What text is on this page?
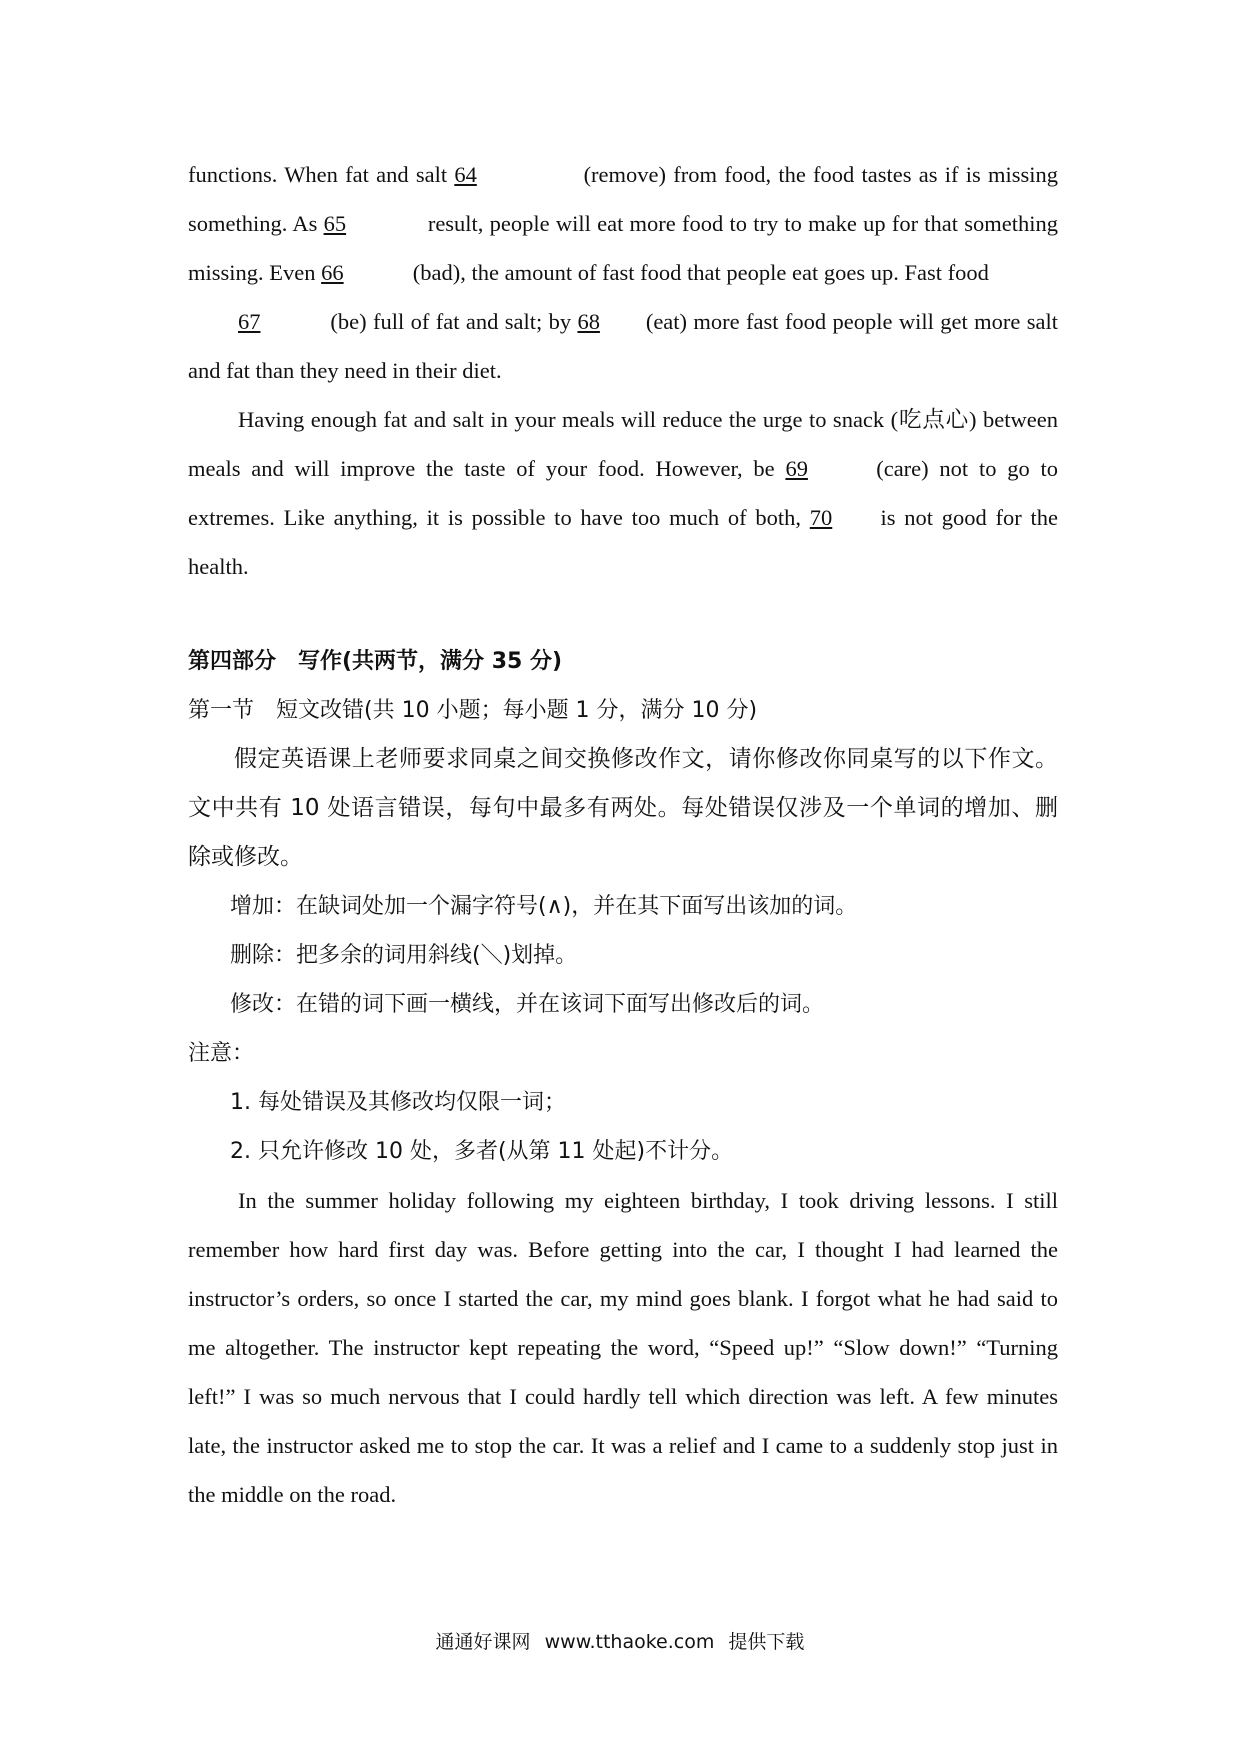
functions. When fat and salt 64	(remove) from food, the food tastes as if is missing something. As 65	result, people will eat more food to try to make up for that something missing. Even 66	(bad), the amount of fast food that people eat goes up. Fast food

67	(be) full of fat and salt; by 68 (eat) more fast food people will get more salt and fat than they need in their diet.

Having enough fat and salt in your meals will reduce the urge to snack (吃点心) between meals and will improve the taste of your food. However, be 69	(care) not to go to extremes. Like anything, it is possible to have too much of both, 70 is not good for the health.

第四部分　写作(共两节，满分 35 分)

第一节　短文改错(共 10 小题；每小题 1 分，满分 10 分)

假定英语课上老师要求同桌之间交换修改作文，请你修改你同桌写的以下作文。文中共有 10 处语言错误，每句中最多有两处。每处错误仅涉及一个单词的增加、删除或修改。

增加：在缺词处加一个漏字符号(∧)，并在其下面写出该加的词。

删除：把多余的词用斜线(＼)划掉。

修改：在错的词下画一横线，并在该词下面写出修改后的词。

注意：

1. 每处错误及其修改均仅限一词；

2. 只允许修改 10 处，多者(从第 11 处起)不计分。

In the summer holiday following my eighteen birthday, I took driving lessons. I still remember how hard first day was. Before getting into the car, I thought I had learned the instructor’s orders, so once I started the car, my mind goes blank. I forgot what he had said to me altogether. The instructor kept repeating the word, “Speed up!” “Slow down!” “Turning left!” I was so much nervous that I could hardly tell which direction was left. A few minutes late, the instructor asked me to stop the car. It was a relief and I came to a suddenly stop just in the middle on the road.

通通好课网 www.tthaoke.com 提供下载
